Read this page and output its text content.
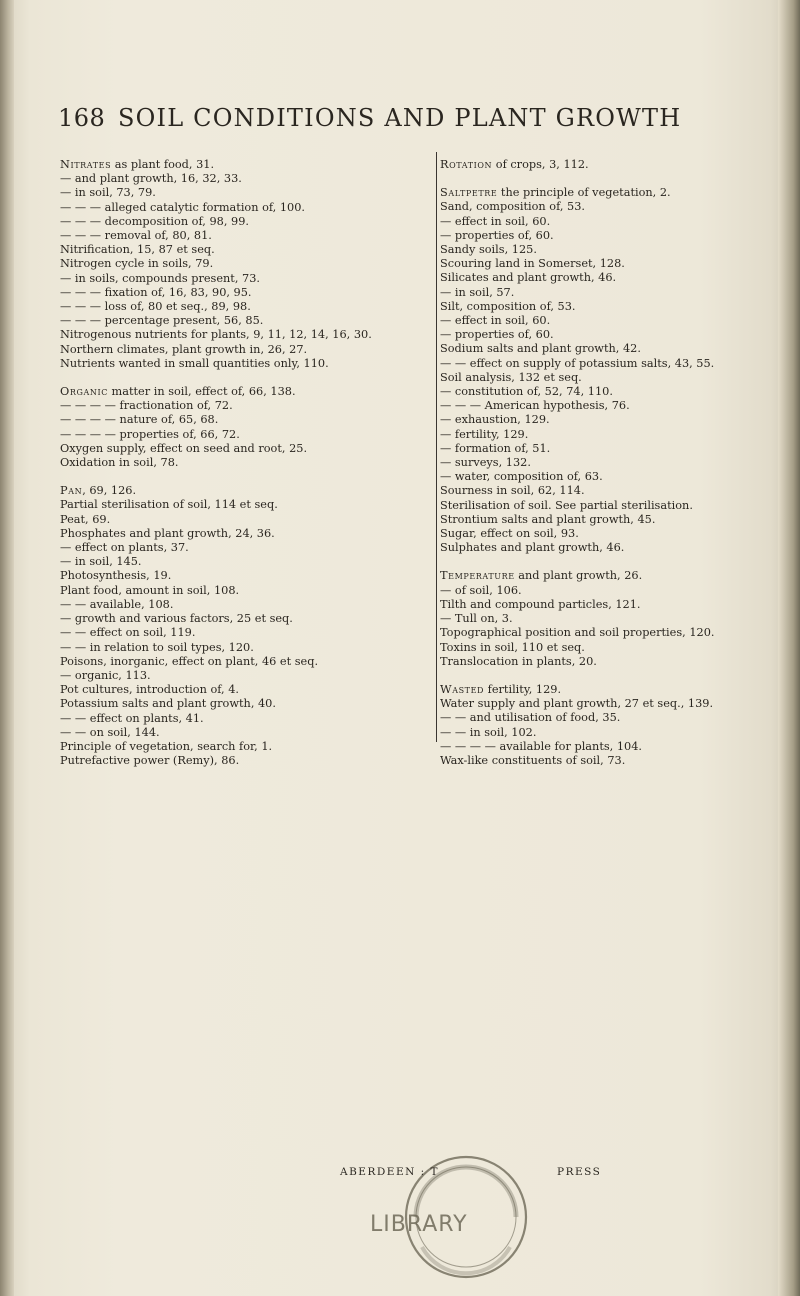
168 SOIL CONDITIONS AND PLANT GROWTH
Nitrates as plant food, 31.
— and plant growth, 16, 32, 33.
— in soil, 73, 79.
— — — alleged catalytic formation of, 100.
— — — decomposition of, 98, 99.
— — — removal of, 80, 81.
Nitrification, 15, 87 et seq.
Nitrogen cycle in soils, 79.
— in soils, compounds present, 73.
— — — fixation of, 16, 83, 90, 95.
— — — loss of, 80 et seq., 89, 98.
— — — percentage present, 56, 85.
Nitrogenous nutrients for plants, 9, 11, 12, 14, 16, 30.
Northern climates, plant growth in, 26, 27.
Nutrients wanted in small quantities only, 110.
Organic matter in soil, effect of, 66, 138.
— — — — fractionation of, 72.
— — — — nature of, 65, 68.
— — — — properties of, 66, 72.
Oxygen supply, effect on seed and root, 25.
Oxidation in soil, 78.
Pan, 69, 126.
Partial sterilisation of soil, 114 et seq.
Peat, 69.
Phosphates and plant growth, 24, 36.
— effect on plants, 37.
— in soil, 145.
Photosynthesis, 19.
Plant food, amount in soil, 108.
— — available, 108.
— growth and various factors, 25 et seq.
— — effect on soil, 119.
— — in relation to soil types, 120.
Poisons, inorganic, effect on plant, 46 et seq.
— organic, 113.
Pot cultures, introduction of, 4.
Potassium salts and plant growth, 40.
— — effect on plants, 41.
— — on soil, 144.
Principle of vegetation, search for, 1.
Putrefactive power (Remy), 86.
Rotation of crops, 3, 112.
Saltpetre the principle of vegetation, 2.
Sand, composition of, 53.
— effect in soil, 60.
— properties of, 60.
Sandy soils, 125.
Scouring land in Somerset, 128.
Silicates and plant growth, 46.
— in soil, 57.
Silt, composition of, 53.
— effect in soil, 60.
— properties of, 60.
Sodium salts and plant growth, 42.
— — effect on supply of potassium salts, 43, 55.
Soil analysis, 132 et seq.
— constitution of, 52, 74, 110.
— — — American hypothesis, 76.
— exhaustion, 129.
— fertility, 129.
— formation of, 51.
— surveys, 132.
— water, composition of, 63.
Sourness in soil, 62, 114.
Sterilisation of soil. See partial sterilisation.
Strontium salts and plant growth, 45.
Sugar, effect on soil, 93.
Sulphates and plant growth, 46.
Temperature and plant growth, 26.
— of soil, 106.
Tilth and compound particles, 121.
— Tull on, 3.
Topographical position and soil properties, 120.
Toxins in soil, 110 et seq.
Translocation in plants, 20.
Wasted fertility, 129.
Water supply and plant growth, 27 et seq., 139.
— — and utilisation of food, 35.
— — in soil, 102.
— — — — available for plants, 104.
Wax-like constituents of soil, 73.
LIBRARY
ABERDEEN : T	PRESS
